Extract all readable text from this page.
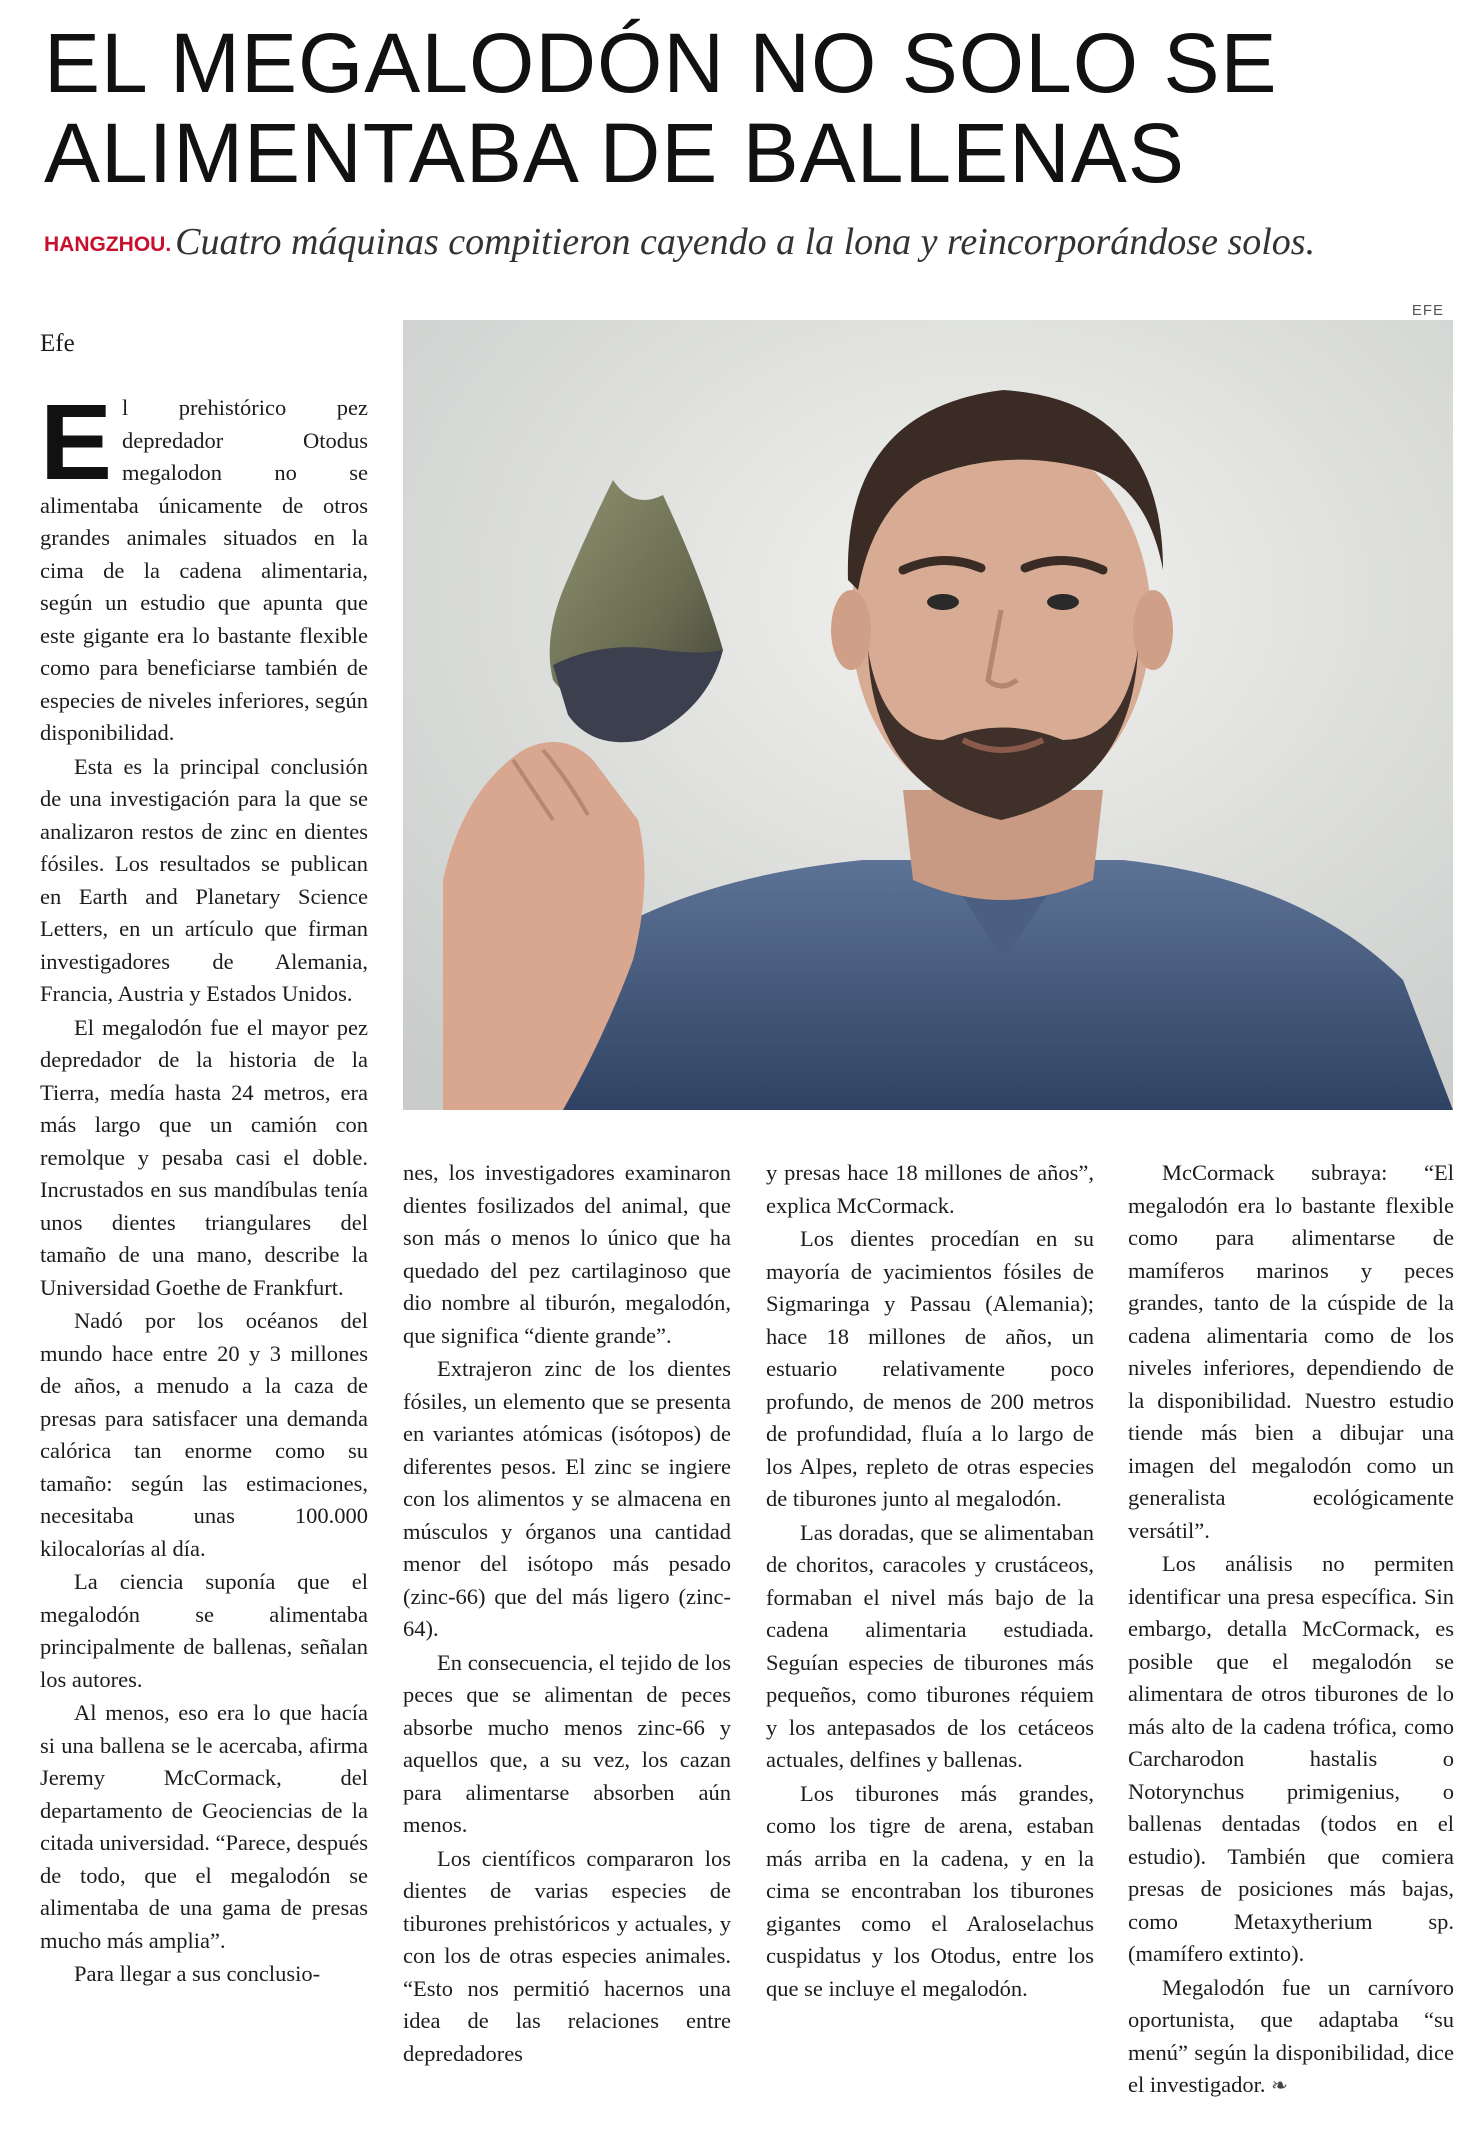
EL MEGALODÓN NO SOLO SE ALIMENTABA DE BALLENAS
HANGZHOU. Cuatro máquinas compitieron cayendo a la lona y reincorporándose solos.
EFE
Efe

El prehistórico pez depredador Otodus megalodon no se alimentaba únicamente de otros grandes animales situados en la cima de la cadena alimentaria, según un estudio que apunta que este gigante era lo bastante flexible como para beneficiarse también de especies de niveles inferiores, según disponibilidad.

Esta es la principal conclusión de una investigación para la que se analizaron restos de zinc en dientes fósiles. Los resultados se publican en Earth and Planetary Science Letters, en un artículo que firman investigadores de Alemania, Francia, Austria y Estados Unidos.

El megalodón fue el mayor pez depredador de la historia de la Tierra, medía hasta 24 metros, era más largo que un camión con remolque y pesaba casi el doble. Incrustados en sus mandíbulas tenía unos dientes triangulares del tamaño de una mano, describe la Universidad Goethe de Frankfurt.

Nadó por los océanos del mundo hace entre 20 y 3 millones de años, a menudo a la caza de presas para satisfacer una demanda calórica tan enorme como su tamaño: según las estimaciones, necesitaba unas 100.000 kilocalorías al día.

La ciencia suponía que el megalodón se alimentaba principalmente de ballenas, señalan los autores.

Al menos, eso era lo que hacía si una ballena se le acercaba, afirma Jeremy McCormack, del departamento de Geociencias de la citada universidad. “Parece, después de todo, que el megalodón se alimentaba de una gama de presas mucho más amplia”.

Para llegar a sus conclusio-

nes, los investigadores examinaron dientes fosilizados del animal, que son más o menos lo único que ha quedado del pez cartilaginoso que dio nombre al tiburón, megalodón, que significa “diente grande”.

Extrajeron zinc de los dientes fósiles, un elemento que se presenta en variantes atómicas (isótopos) de diferentes pesos. El zinc se ingiere con los alimentos y se almacena en músculos y órganos una cantidad menor del isótopo más pesado (zinc-66) que del más ligero (zinc-64).

En consecuencia, el tejido de los peces que se alimentan de peces absorbe mucho menos zinc-66 y aquellos que, a su vez, los cazan para alimentarse absorben aún menos.

Los científicos compararon los dientes de varias especies de tiburones prehistóricos y actuales, y con los de otras especies animales. “Esto nos permitió hacernos una idea de las relaciones entre depredadores

y presas hace 18 millones de años”, explica McCormack.

Los dientes procedían en su mayoría de yacimientos fósiles de Sigmaringa y Passau (Alemania); hace 18 millones de años, un estuario relativamente poco profundo, de menos de 200 metros de profundidad, fluía a lo largo de los Alpes, repleto de otras especies de tiburones junto al megalodón.

Las doradas, que se alimentaban de choritos, caracoles y crustáceos, formaban el nivel más bajo de la cadena alimentaria estudiada. Seguían especies de tiburones más pequeños, como tiburones réquiem y los antepasados de los cetáceos actuales, delfines y ballenas.

Los tiburones más grandes, como los tigre de arena, estaban más arriba en la cadena, y en la cima se encontraban los tiburones gigantes como el Araloselachus cuspidatus y los Otodus, entre los que se incluye el megalodón.

McCormack subraya: “El megalodón era lo bastante flexible como para alimentarse de mamíferos marinos y peces grandes, tanto de la cúspide de la cadena alimentaria como de los niveles inferiores, dependiendo de la disponibilidad. Nuestro estudio tiende más bien a dibujar una imagen del megalodón como un generalista ecológicamente versátil”.

Los análisis no permiten identificar una presa específica. Sin embargo, detalla McCormack, es posible que el megalodón se alimentara de otros tiburones de lo más alto de la cadena trófica, como Carcharodon hastalis o Notorynchus primigenius, o ballenas dentadas (todos en el estudio). También que comiera presas de posiciones más bajas, como Metaxytherium sp. (mamífero extinto).

Megalodón fue un carnívoro oportunista, que adaptaba “su menú” según la disponibilidad, dice el investigador. ❧
